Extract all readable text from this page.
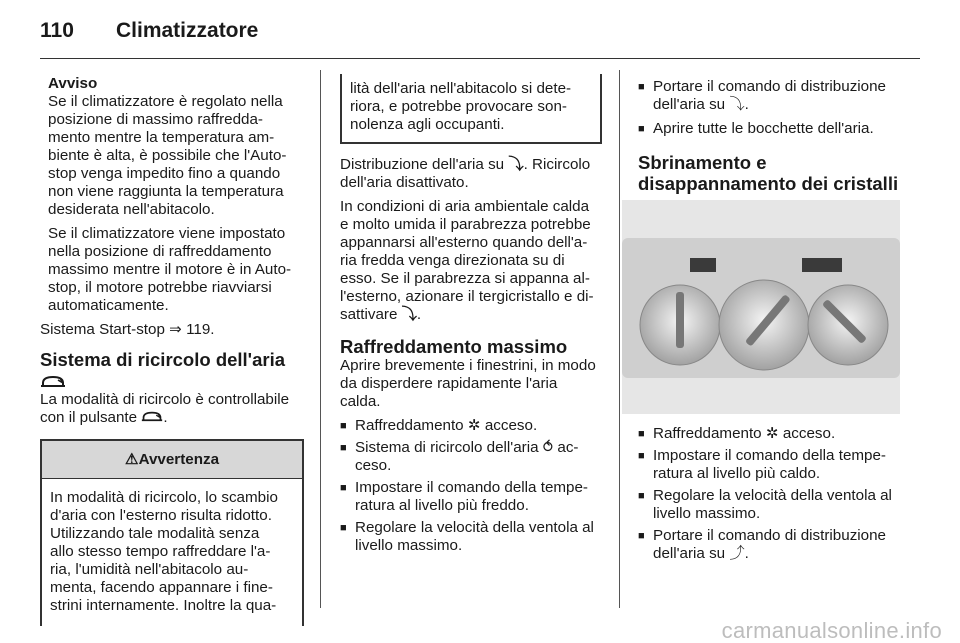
110 Climatizzatore

Avviso

Se il climatizzatore è regolato nella
posizione di massimo raffredda-
mento mentre la temperatura am-
biente è alta, è possibile che l'Auto-
stop venga impedito fino a quando
non viene raggiunta la temperatura
desiderata nell'abitacolo.

Se il climatizzatore viene impostato
nella posizione di raffreddamento
massimo mentre il motore è in Auto-
stop, il motore potrebbe riavviarsi
automaticamente.

Sistema Start-stop ⇒ 119.

Sistema di ricircolo dell'aria

La modalità di ricircolo è controllabile
con il pulsante .

⚠Avvertenza

In modalità di ricircolo, lo scambio
d'aria con l'esterno risulta ridotto.
Utilizzando tale modalità senza
allo stesso tempo raffreddare l'a-
ria, l'umidità nell'abitacolo au-
menta, facendo appannare i fine-
strini internamente. Inoltre la qua-

lità dell'aria nell'abitacolo si dete-
riora, e potrebbe provocare son-
nolenza agli occupanti.

Distribuzione dell'aria su ⤵. Ricircolo
dell'aria disattivato.

In condizioni di aria ambientale calda
e molto umida il parabrezza potrebbe
appannarsi all'esterno quando dell'a-
ria fredda venga direzionata su di
esso. Se il parabrezza si appanna al-
l'esterno, azionare il tergicristallo e di-
sattivare ⤵.

Raffreddamento massimo

Aprire brevemente i finestrini, in modo
da disperdere rapidamente l'aria
calda.

■ Raffreddamento ✲ acceso.
■ Sistema di ricircolo dell'aria ⥀ ac-
ceso.
■ Impostare il comando della tempe-
ratura al livello più freddo.
■ Regolare la velocità della ventola al
livello massimo.
■ Portare il comando di distribuzione
dell'aria su ⤵.
■ Aprire tutte le bocchette dell'aria.

Sbrinamento e
disappannamento dei cristalli

■ Raffreddamento ✲ acceso.
■ Impostare il comando della tempe-
ratura al livello più caldo.
■ Regolare la velocità della ventola al
livello massimo.
■ Portare il comando di distribuzione
dell'aria su ⤴.
carmanualsonline.info
